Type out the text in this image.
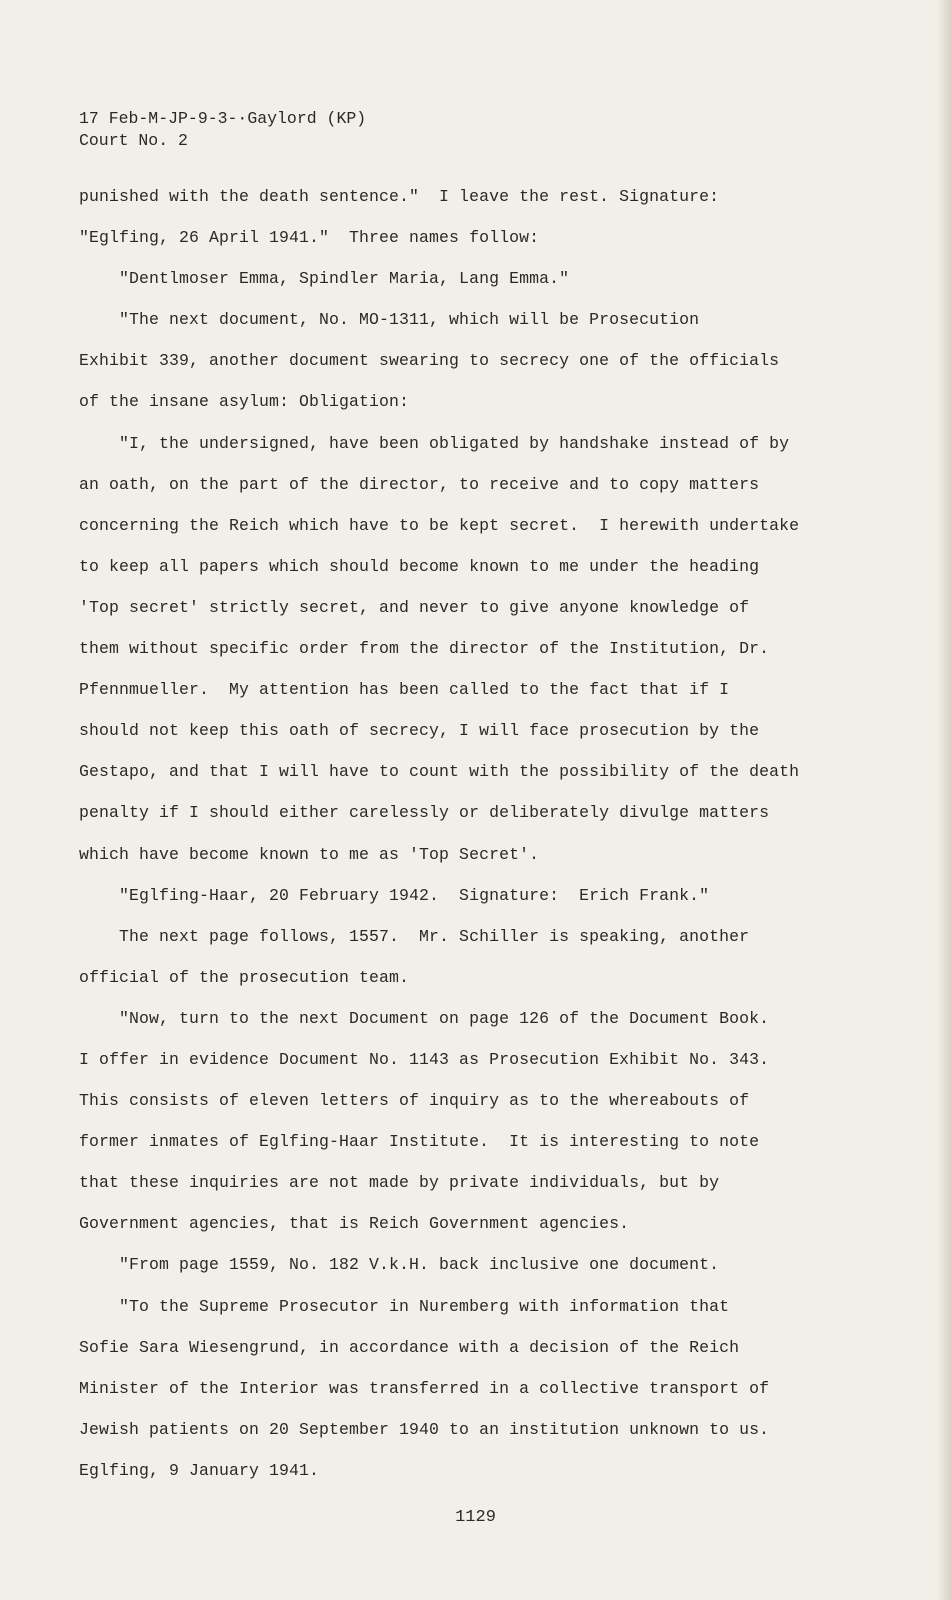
17 Feb-M-JP-9-3-·Gaylord (KP)
Court No. 2
punished with the death sentence."  I leave the rest. Signature:
"Eglfing, 26 April 1941."  Three names follow:
"Dentlmoser Emma, Spindler Maria, Lang Emma."
"The next document, No. MO-1311, which will be Prosecution
Exhibit 339, another document swearing to secrecy one of the officials
of the insane asylum: Obligation:
"I, the undersigned, have been obligated by handshake instead of by
an oath, on the part of the director, to receive and to copy matters
concerning the Reich which have to be kept secret.  I herewith undertake
to keep all papers which should become known to me under the heading
'Top secret' strictly secret, and never to give anyone knowledge of
them without specific order from the director of the Institution, Dr.
Pfennmueller.  My attention has been called to the fact that if I
should not keep this oath of secrecy, I will face prosecution by the
Gestapo, and that I will have to count with the possibility of the death
penalty if I should either carelessly or deliberately divulge matters
which have become known to me as 'Top Secret'.
"Eglfing-Haar, 20 February 1942.  Signature:  Erich Frank."
The next page follows, 1557.  Mr. Schiller is speaking, another
official of the prosecution team.
"Now, turn to the next Document on page 126 of the Document Book.
I offer in evidence Document No. 1143 as Prosecution Exhibit No. 343.
This consists of eleven letters of inquiry as to the whereabouts of
former inmates of Eglfing-Haar Institute.  It is interesting to note
that these inquiries are not made by private individuals, but by
Government agencies, that is Reich Government agencies.
"From page 1559, No. 182 V.k.H. back inclusive one document.
"To the Supreme Prosecutor in Nuremberg with information that
Sofie Sara Wiesengrund, in accordance with a decision of the Reich
Minister of the Interior was transferred in a collective transport of
Jewish patients on 20 September 1940 to an institution unknown to us.
Eglfing, 9 January 1941.
1129
